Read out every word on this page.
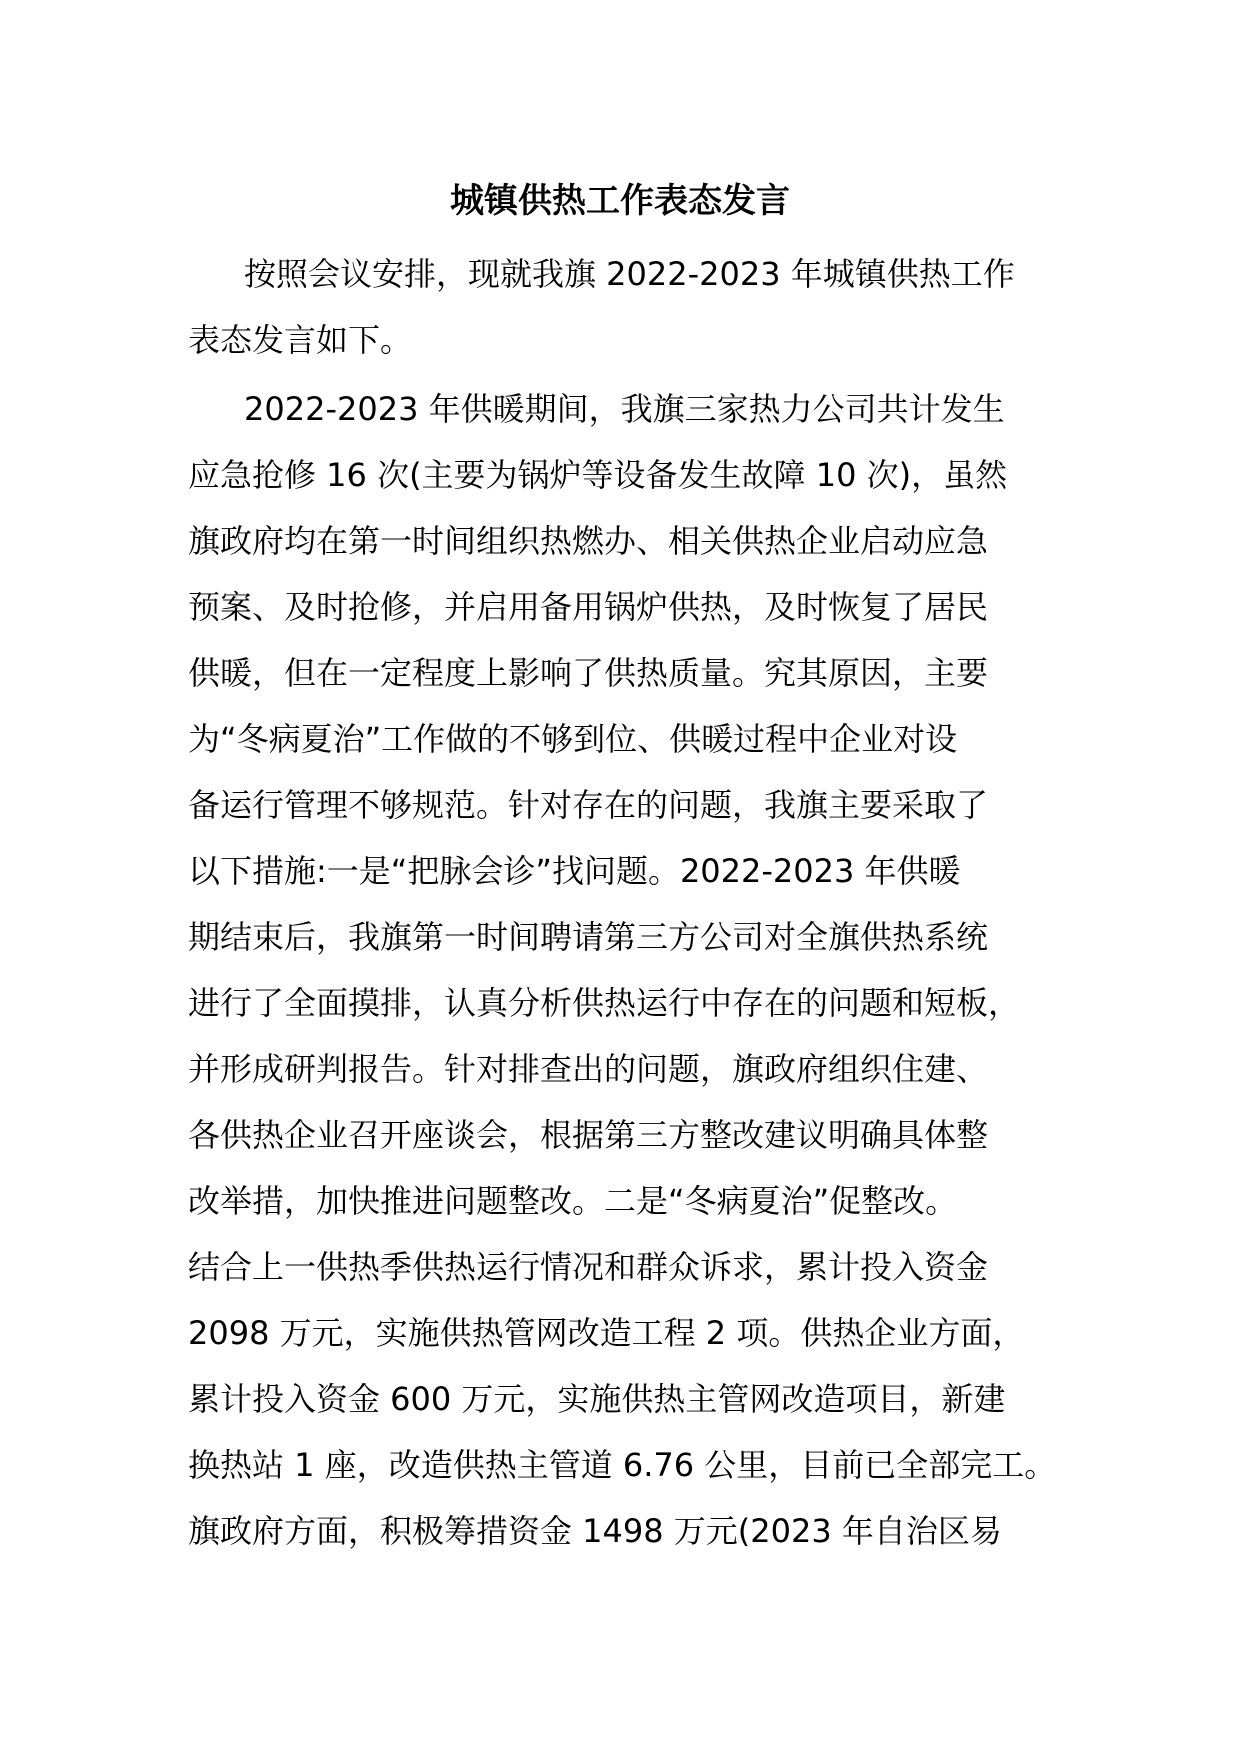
城镇供热工作表态发言
按照会议安排，现就我旗 2022-2023 年城镇供热工作
表态发言如下。
2022-2023 年供暖期间，我旗三家热力公司共计发生
应急抢修 16 次(主要为锅炉等设备发生故障 10 次)，虽然
旗政府均在第一时间组织热燃办、相关供热企业启动应急
预案、及时抢修，并启用备用锅炉供热，及时恢复了居民
供暖，但在一定程度上影响了供热质量。究其原因，主要
为“冬病夏治”工作做的不够到位、供暖过程中企业对设
备运行管理不够规范。针对存在的问题，我旗主要采取了
以下措施:一是“把脉会诊”找问题。2022-2023 年供暖
期结束后，我旗第一时间聘请第三方公司对全旗供热系统
进行了全面摸排，认真分析供热运行中存在的问题和短板，
并形成研判报告。针对排查出的问题，旗政府组织住建、
各供热企业召开座谈会，根据第三方整改建议明确具体整
改举措，加快推进问题整改。二是“冬病夏治”促整改。
结合上一供热季供热运行情况和群众诉求，累计投入资金
2098 万元，实施供热管网改造工程 2 项。供热企业方面，
累计投入资金 600 万元，实施供热主管网改造项目，新建
换热站 1 座，改造供热主管道 6.76 公里，目前已全部完工。
旗政府方面，积极筹措资金 1498 万元(2023 年自治区易
